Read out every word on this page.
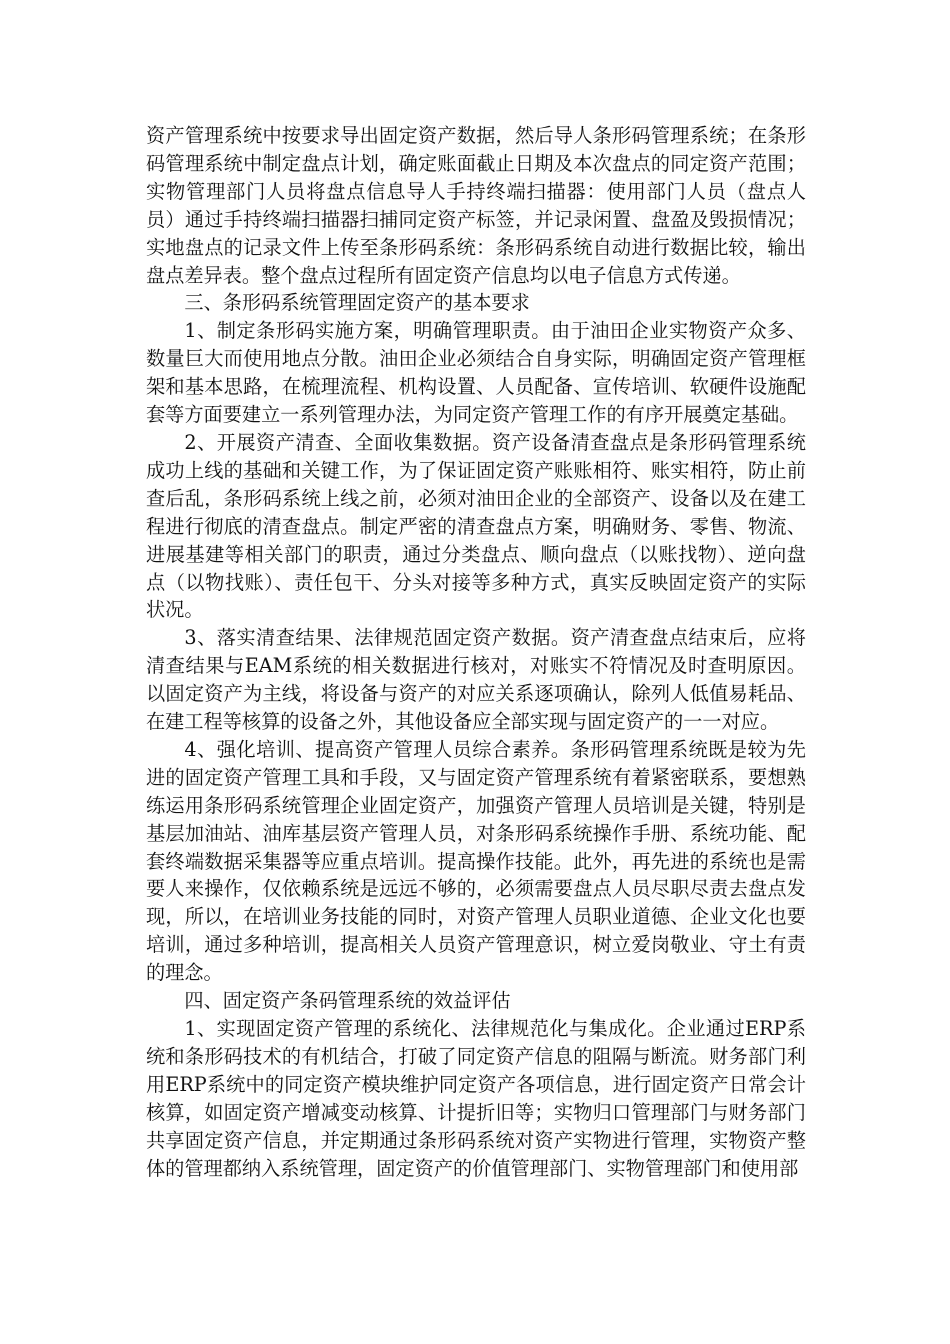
资产管理系统中按要求导出固定资产数据，然后导人条形码管理系统；在条形码管理系统中制定盘点计划，确定账面截止日期及本次盘点的同定资产范围；实物管理部门人员将盘点信息导人手持终端扫描器：使用部门人员（盘点人员）通过手持终端扫描器扫捕同定资产标签，并记录闲置、盘盈及毁损情况；实地盘点的记录文件上传至条形码系统：条形码系统自动进行数据比较，输出盘点差异表。整个盘点过程所有固定资产信息均以电子信息方式传递。

三、条形码系统管理固定资产的基本要求

1、制定条形码实施方案，明确管理职责。由于油田企业实物资产众多、数量巨大而使用地点分散。油田企业必须结合自身实际，明确固定资产管理框架和基本思路，在梳理流程、机构设置、人员配备、宣传培训、软硬件设施配套等方面要建立一系列管理办法，为同定资产管理工作的有序开展奠定基础。

2、开展资产清查、全面收集数据。资产设备清查盘点是条形码管理系统成功上线的基础和关键工作，为了保证固定资产账账相符、账实相符，防止前查后乱，条形码系统上线之前，必须对油田企业的全部资产、设备以及在建工程进行彻底的清查盘点。制定严密的清查盘点方案，明确财务、零售、物流、进展基建等相关部门的职责，通过分类盘点、顺向盘点（以账找物）、逆向盘点（以物找账）、责任包干、分头对接等多种方式，真实反映固定资产的实际状况。

3、落实清查结果、法律规范固定资产数据。资产清查盘点结束后，应将清查结果与EAM系统的相关数据进行核对，对账实不符情况及时查明原因。以固定资产为主线，将设备与资产的对应关系逐项确认，除列人低值易耗品、在建工程等核算的设备之外，其他设备应全部实现与固定资产的一一对应。

4、强化培训、提高资产管理人员综合素养。条形码管理系统既是较为先进的固定资产管理工具和手段，又与固定资产管理系统有着紧密联系，要想熟练运用条形码系统管理企业固定资产，加强资产管理人员培训是关键，特别是基层加油站、油库基层资产管理人员，对条形码系统操作手册、系统功能、配套终端数据采集器等应重点培训。提高操作技能。此外，再先进的系统也是需要人来操作，仅依赖系统是远远不够的，必须需要盘点人员尽职尽责去盘点发现，所以，在培训业务技能的同时，对资产管理人员职业道德、企业文化也要培训，通过多种培训，提高相关人员资产管理意识，树立爱岗敬业、守土有责的理念。

四、固定资产条码管理系统的效益评估

1、实现固定资产管理的系统化、法律规范化与集成化。企业通过ERP系统和条形码技术的有机结合，打破了同定资产信息的阻隔与断流。财务部门利用ERP系统中的同定资产模块维护同定资产各项信息，进行固定资产日常会计核算，如固定资产增减变动核算、计提折旧等；实物归口管理部门与财务部门共享固定资产信息，并定期通过条形码系统对资产实物进行管理，实物资产整体的管理都纳入系统管理，固定资产的价值管理部门、实物管理部门和使用部
